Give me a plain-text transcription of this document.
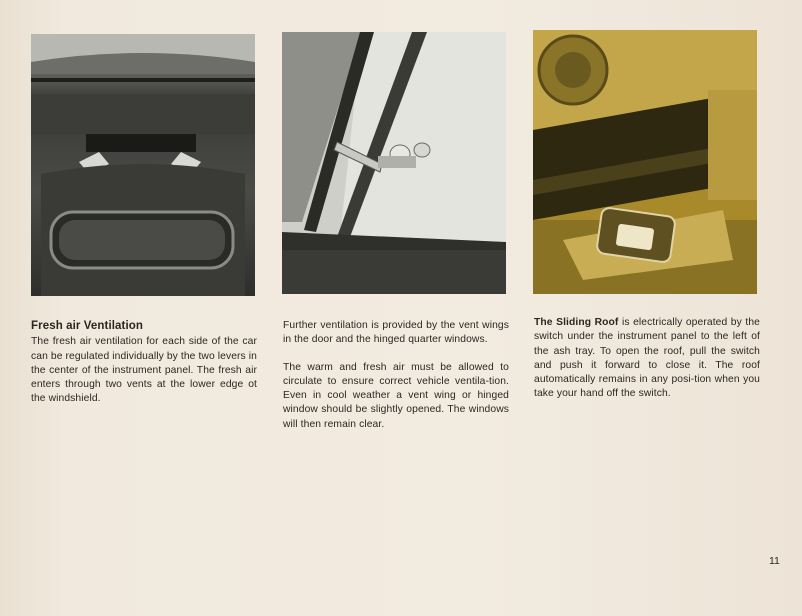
Fresh air Ventilation

The fresh air ventilation for each side of the car can be regulated individually by the two levers in the center of the instrument panel. The fresh air enters through two vents at the lower edge ot the windshield.

Further ventilation is provided by the vent wings in the door and the hinged quarter windows.

The warm and fresh air must be allowed to circulate to ensure correct vehicle ventila-tion. Even in cool weather a vent wing or hinged window should be slightly opened. The windows will then remain clear.

The Sliding Roof is electrically operated by the switch under the instrument panel to the left of the ash tray. To open the roof, pull the switch and push it forward to close it. The roof automatically remains in any posi-tion when you take your hand off the switch.

11
